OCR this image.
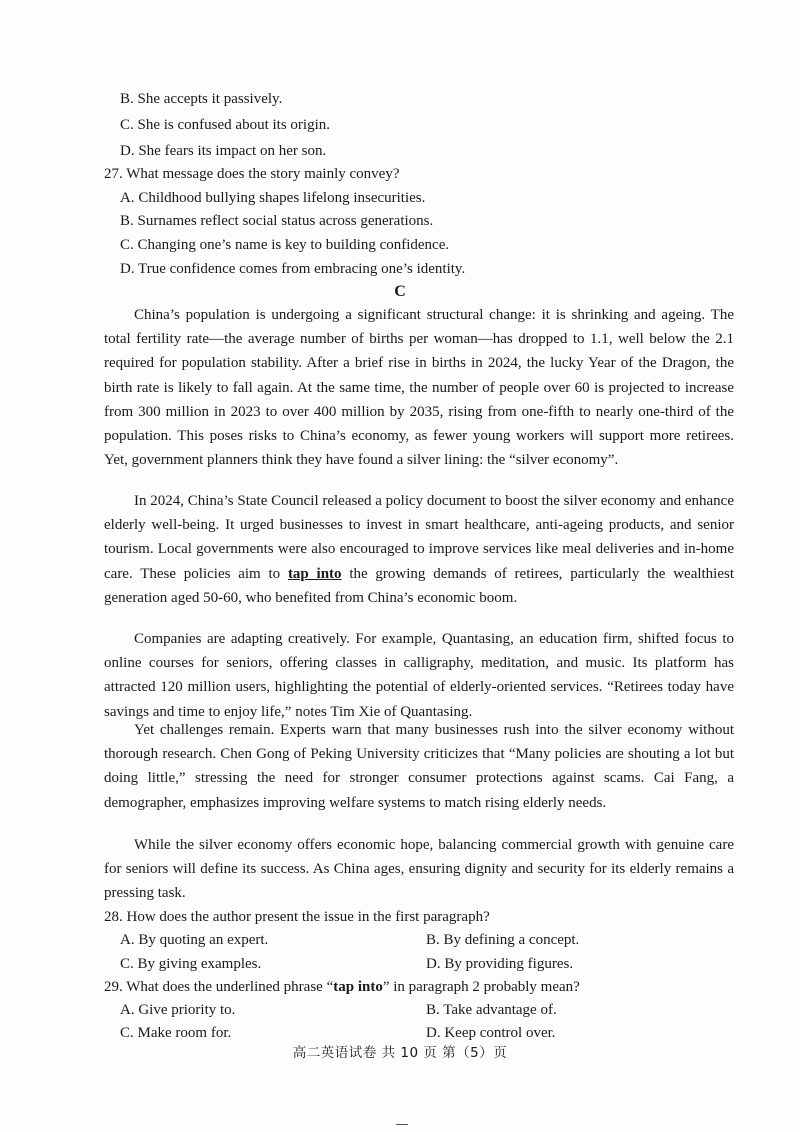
B. She accepts it passively.
C. She is confused about its origin.
D. She fears its impact on her son.
27. What message does the story mainly convey?
A. Childhood bullying shapes lifelong insecurities.
B. Surnames reflect social status across generations.
C. Changing one’s name is key to building confidence.
D. True confidence comes from embracing one’s identity.
C
China’s population is undergoing a significant structural change: it is shrinking and ageing. The total fertility rate—the average number of births per woman—has dropped to 1.1, well below the 2.1 required for population stability. After a brief rise in births in 2024, the lucky Year of the Dragon, the birth rate is likely to fall again. At the same time, the number of people over 60 is projected to increase from 300 million in 2023 to over 400 million by 2035, rising from one-fifth to nearly one-third of the population. This poses risks to China’s economy, as fewer young workers will support more retirees. Yet, government planners think they have found a silver lining: the “silver economy”.
In 2024, China’s State Council released a policy document to boost the silver economy and enhance elderly well-being. It urged businesses to invest in smart healthcare, anti-ageing products, and senior tourism. Local governments were also encouraged to improve services like meal deliveries and in-home care. These policies aim to tap into the growing demands of retirees, particularly the wealthiest generation aged 50-60, who benefited from China’s economic boom.
Companies are adapting creatively. For example, Quantasing, an education firm, shifted focus to online courses for seniors, offering classes in calligraphy, meditation, and music. Its platform has attracted 120 million users, highlighting the potential of elderly-oriented services. “Retirees today have savings and time to enjoy life,” notes Tim Xie of Quantasing.
Yet challenges remain. Experts warn that many businesses rush into the silver economy without thorough research. Chen Gong of Peking University criticizes that “Many policies are shouting a lot but doing little,” stressing the need for stronger consumer protections against scams. Cai Fang, a demographer, emphasizes improving welfare systems to match rising elderly needs.
While the silver economy offers economic hope, balancing commercial growth with genuine care for seniors will define its success. As China ages, ensuring dignity and security for its elderly remains a pressing task.
28. How does the author present the issue in the first paragraph?
A. By quoting an expert.	B. By defining a concept.
C. By giving examples.	D. By providing figures.
29. What does the underlined phrase “tap into” in paragraph 2 probably mean?
A. Give priority to.	B. Take advantage of.
C. Make room for.	D. Keep control over.
高二英语试卷 共 10 页 第（5）页
